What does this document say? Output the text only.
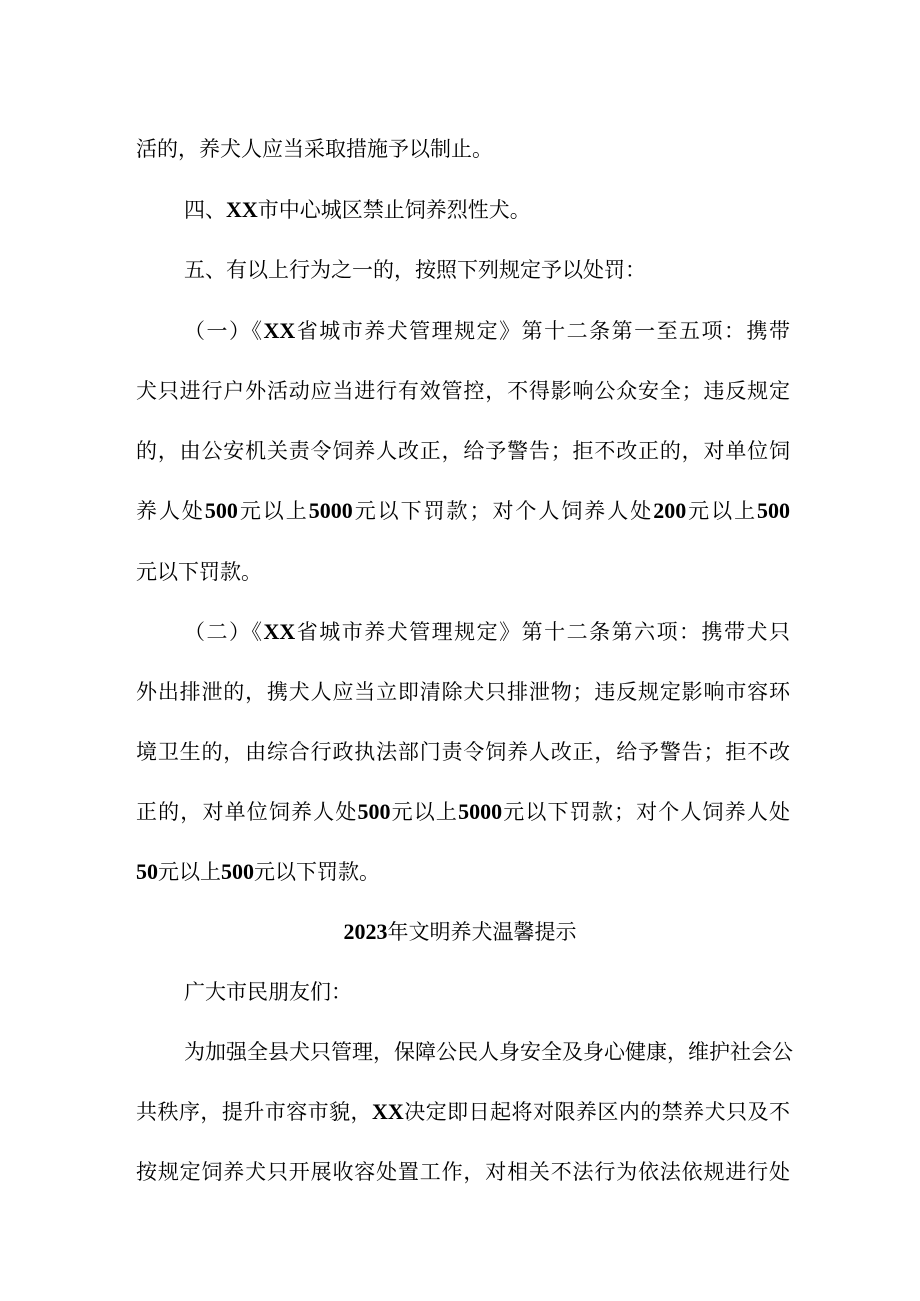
活的，养犬人应当采取措施予以制止。
四、XX市中心城区禁止饲养烈性犬。
五、有以上行为之一的，按照下列规定予以处罚：
（一）《XX省城市养犬管理规定》第十二条第一至五项：携带
犬只进行户外活动应当进行有效管控，不得影响公众安全；违反规定
的，由公安机关责令饲养人改正，给予警告；拒不改正的，对单位饲
养人处500元以上5000元以下罚款；对个人饲养人处200元以上500
元以下罚款。
（二）《XX省城市养犬管理规定》第十二条第六项：携带犬只
外出排泄的，携犬人应当立即清除犬只排泄物；违反规定影响市容环
境卫生的，由综合行政执法部门责令饲养人改正，给予警告；拒不改
正的，对单位饲养人处500元以上5000元以下罚款；对个人饲养人处
50元以上500元以下罚款。
2023年文明养犬温馨提示
广大市民朋友们：
为加强全县犬只管理，保障公民人身安全及身心健康，维护社会公
共秩序，提升市容市貌，XX决定即日起将对限养区内的禁养犬只及不
按规定饲养犬只开展收容处置工作，对相关不法行为依法依规进行处
